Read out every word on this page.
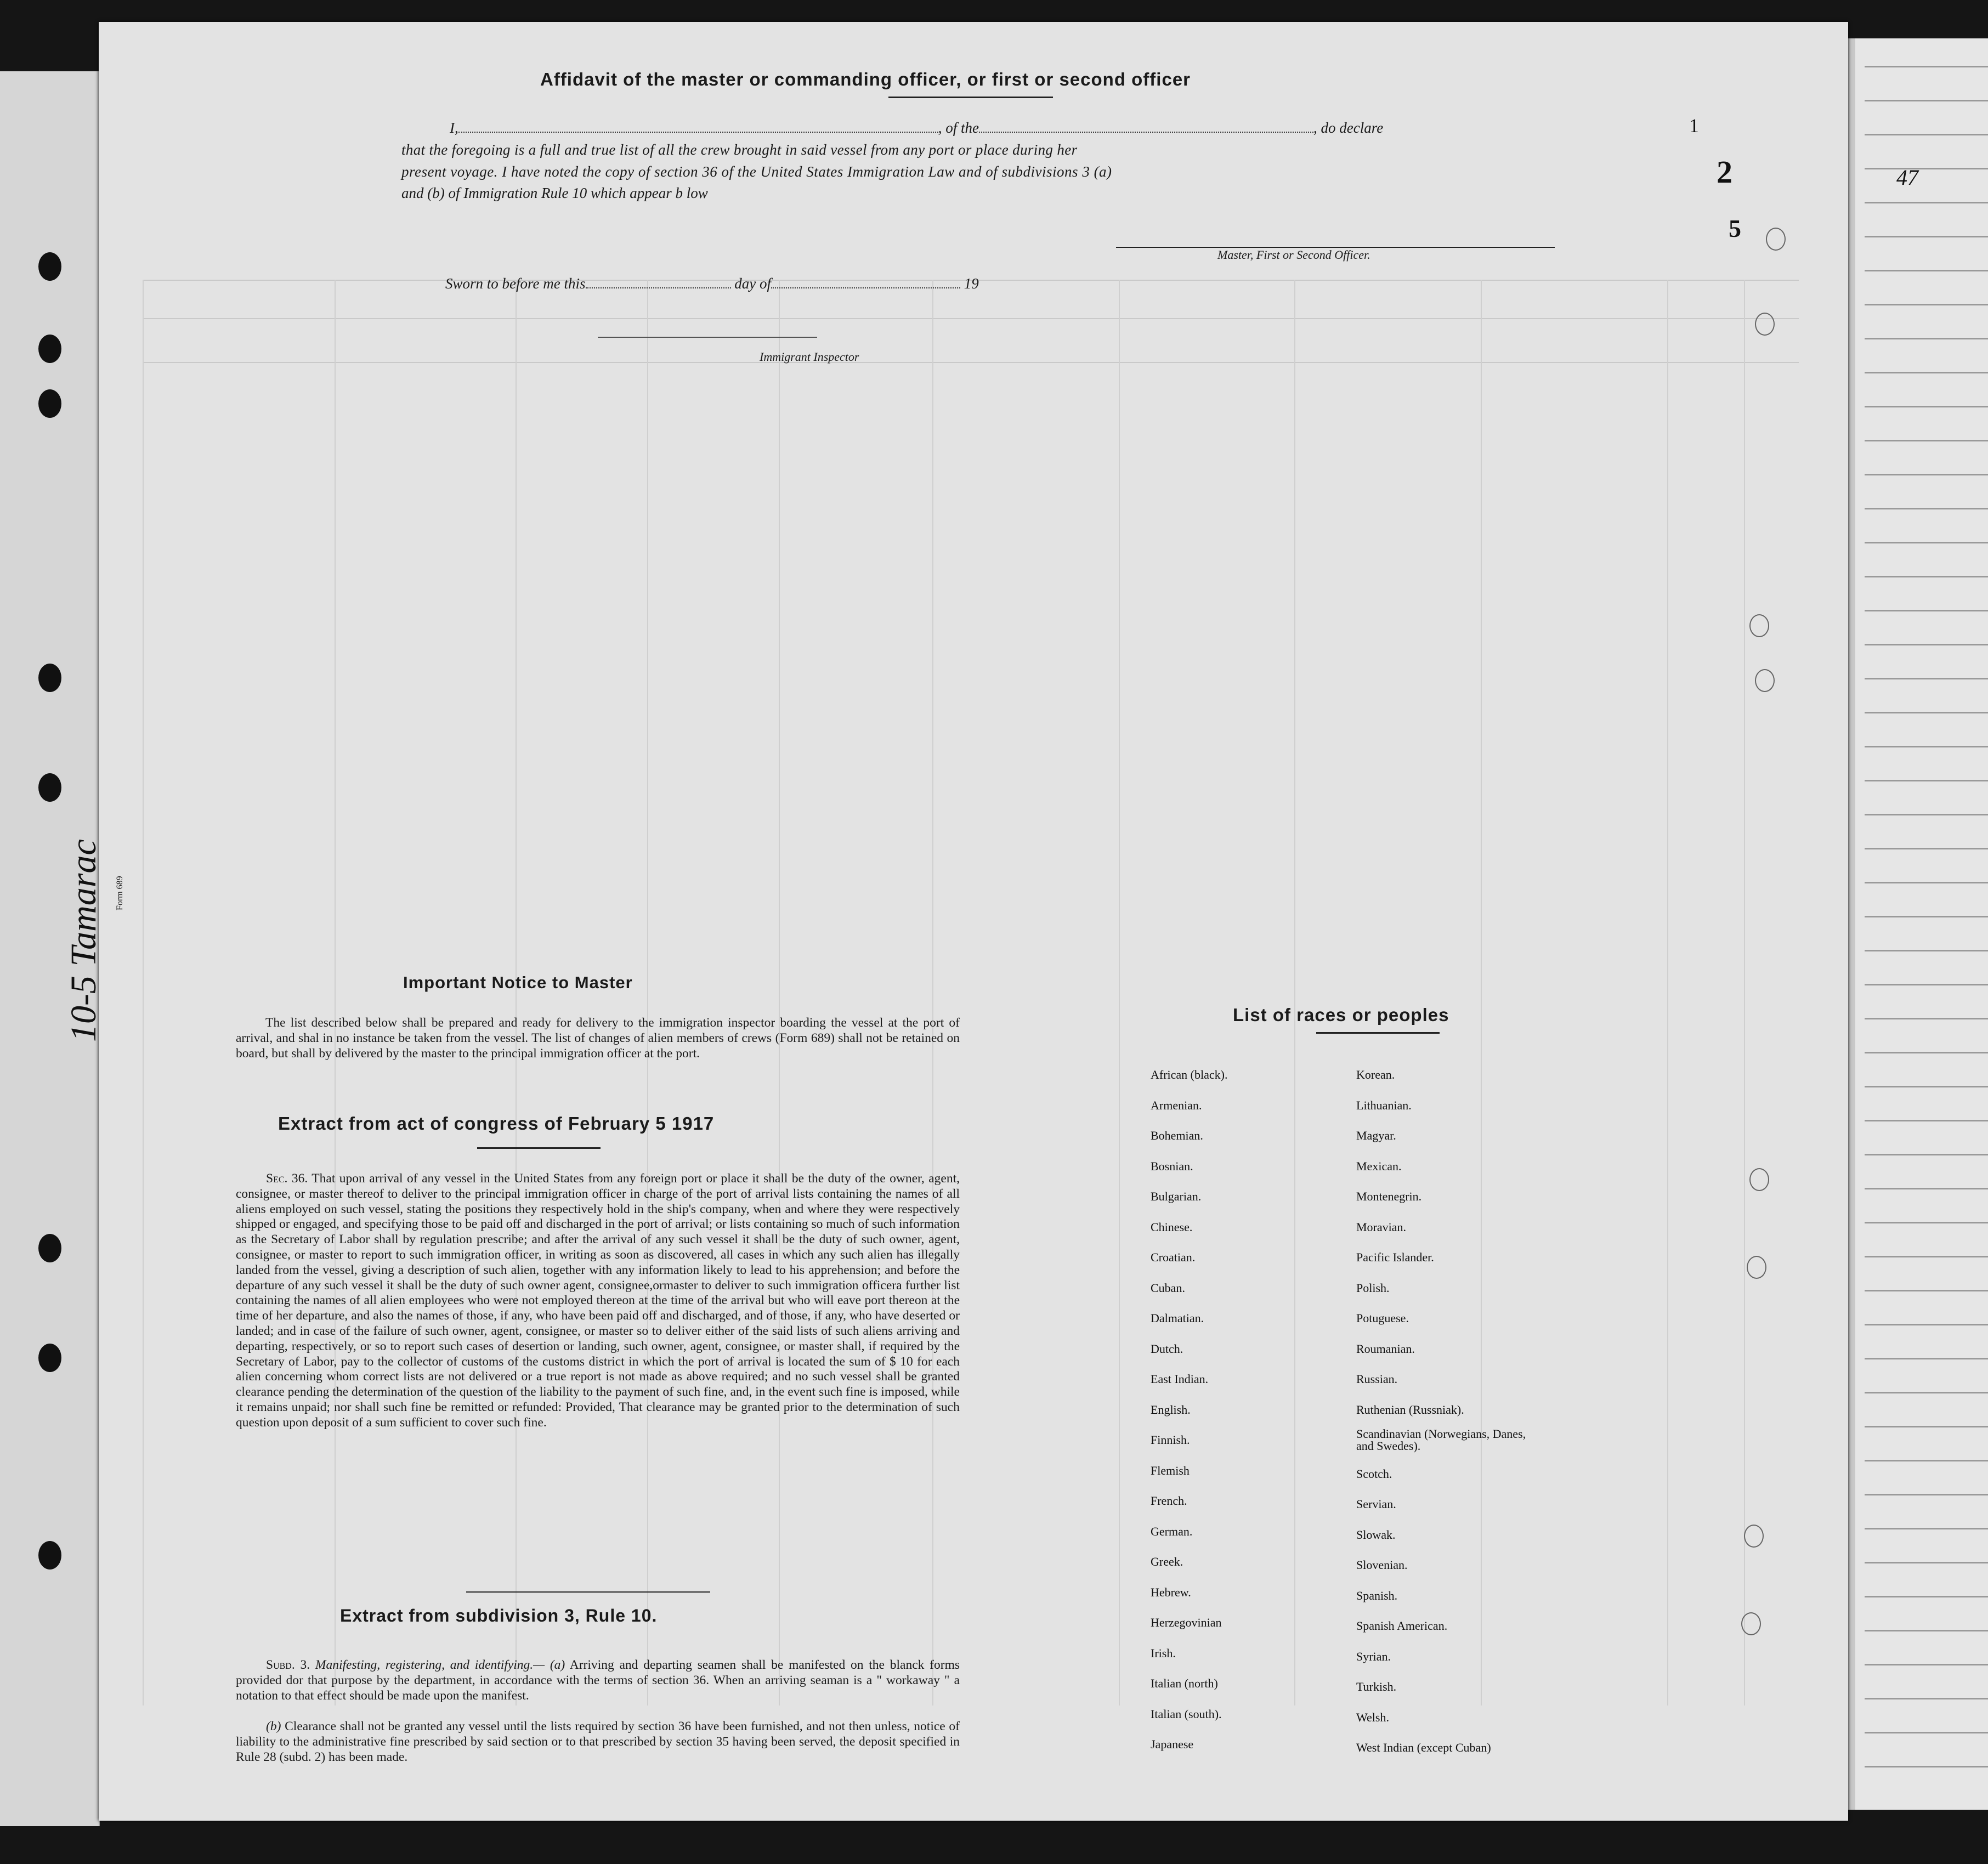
47
Affidavit of the master or commanding officer, or first or second officer
I,	, of the	, do declare
that the foregoing is a full and true list of all the crew brought in said vessel from any port or place during her
present voyage. I have noted the copy of section 36 of the United States Immigration Law and of subdivisions 3 (a)
and (b) of Immigration Rule 10 which appear b low
Master, First or Second Officer.
Sworn to before me this	day of	19
Immigrant Inspector
Important Notice to Master
The list described below shall be prepared and ready for delivery to the immigration inspector boarding the vessel at the port of arrival, and shal in no instance be taken from the vessel. The list of changes of alien members of crews (Form 689) shall not be retained on board, but shall by delivered by the master to the principal immigration officer at the port.
Extract from act of congress of February 5 1917
Sec. 36. That upon arrival of any vessel in the United States from any foreign port or place it shall be the duty of the owner, agent, consignee, or master thereof to deliver to the principal immigration officer in charge of the port of arrival lists containing the names of all aliens employed on such vessel, stating the positions they respectively hold in the ship's company, when and where they were respectively shipped or engaged, and specifying those to be paid off and discharged in the port of arrival; or lists containing so much of such information as the Secretary of Labor shall by regulation prescribe; and after the arrival of any such vessel it shall be the duty of such owner, agent, consignee, or master to report to such immigration officer, in writing as soon as discovered, all cases in which any such alien has illegally landed from the vessel, giving a description of such alien, together with any information likely to lead to his apprehension; and before the departure of any such vessel it shall be the duty of such owner agent, consignee,ormaster to deliver to such immigration officera further list containing the names of all alien employees who were not employed thereon at the time of the arrival but who will eave port thereon at the time of her departure, and also the names of those, if any, who have been paid off and discharged, and of those, if any, who have deserted or landed; and in case of the failure of such owner, agent, consignee, or master so to deliver either of the said lists of such aliens arriving and departing, respectively, or so to report such cases of desertion or landing, such owner, agent, consignee, or master shall, if required by the Secretary of Labor, pay to the collector of customs of the customs district in which the port of arrival is located the sum of $ 10 for each alien concerning whom correct lists are not delivered or a true report is not made as above required; and no such vessel shall be granted clearance pending the determination of the question of the liability to the payment of such fine, and, in the event such fine is imposed, while it remains unpaid; nor shall such fine be remitted or refunded: Provided, That clearance may be granted prior to the determination of such question upon deposit of a sum sufficient to cover such fine.
Extract from subdivision 3, Rule 10.
Subd. 3. Manifesting, registering, and identifying.— (a) Arriving and departing seamen shall be manifested on the blanck forms provided dor that purpose by the department, in accordance with the terms of section 36. When an arriving seaman is a " workaway " a notation to that effect should be made upon the manifest.
(b) Clearance shall not be granted any vessel until the lists required by section 36 have been furnished, and not then unless, notice of liability to the administrative fine prescribed by said section or to that prescribed by section 35 having been served, the deposit specified in Rule 28 (subd. 2) has been made.
List of races or peoples
African (black).
Armenian.
Bohemian.
Bosnian.
Bulgarian.
Chinese.
Croatian.
Cuban.
Dalmatian.
Dutch.
East Indian.
English.
Finnish.
Flemish
French.
German.
Greek.
Hebrew.
Herzegovinian
Irish.
Italian (north)
Italian (south).
Japanese
Korean.
Lithuanian.
Magyar.
Mexican.
Montenegrin.
Moravian.
Pacific Islander.
Polish.
Potuguese.
Roumanian.
Russian.
Ruthenian (Russniak).
Scandinavian (Norwegians, Danes, and Swedes).
Scotch.
Servian.
Slowak.
Slovenian.
Spanish.
Spanish American.
Syrian.
Turkish.
Welsh.
West Indian (except Cuban)
1
2
5
10-5 Tamarac Form 689
